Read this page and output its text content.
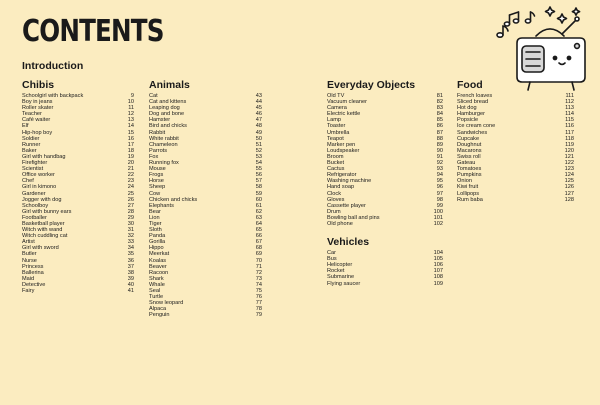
CONTENTS
Introduction
Chibis
Schoolgirl with backpack	9
Boy in jeans	10
Roller skater	11
Teacher	12
Café waiter	13
Elf	14
Hip-hop boy	15
Soldier	16
Runner	17
Baker	18
Girl with handbag	19
Firefighter	20
Scientist	21
Office worker	22
Chef	23
Girl in kimono	24
Gardener	25
Jogger with dog	26
Schoolboy	27
Girl with bunny ears	28
Footballer	29
Basketball player	30
Witch with wand	31
Witch cuddling cat	32
Artist	33
Girl with sword	34
Butler	35
Nurse	36
Princess	37
Ballerina	38
Maid	39
Detective	40
Fairy	41
Animals
Cat	43
Cat and kittens	44
Leaping dog	45
Dog and bone	46
Hamster	47
Bird and chicks	48
Rabbit	49
White rabbit	50
Chameleon	51
Parrots	52
Fox	53
Running fox	54
Mouse	55
Frogs	56
Horse	57
Sheep	58
Cow	59
Chicken and chicks	60
Elephants	61
Bear	62
Lion	63
Tiger	64
Sloth	65
Panda	66
Gorilla	67
Hippo	68
Meerkat	69
Koalas	70
Beaver	71
Racoon	72
Shark	73
Whale	74
Seal	75
Turtle	76
Snow leopard	77
Alpaca	78
Penguin	79
Everyday Objects
Old TV	81
Vacuum cleaner	82
Camera	83
Electric kettle	84
Lamp	85
Toaster	86
Umbrella	87
Teapot	88
Marker pen	89
Loudspeaker	90
Broom	91
Bucket	92
Cactus	93
Refrigerator	94
Washing machine	95
Hand soap	96
Clock	97
Gloves	98
Cassette player	99
Drum	100
Bowling ball and pins	101
Old phone	102
Vehicles
Car	104
Bus	105
Helicopter	106
Rocket	107
Submarine	108
Flying saucer	109
Food
French loaves	111
Sliced bread	112
Hot dog	113
Hamburger	114
Popsicle	115
Ice cream cone	116
Sandwiches	117
Cupcake	118
Doughnut	119
Macarons	120
Swiss roll	121
Gateau	122
Tomatoes	123
Pumpkins	124
Onion	125
Kiwi fruit	126
Lollipops	127
Rum baba	128
